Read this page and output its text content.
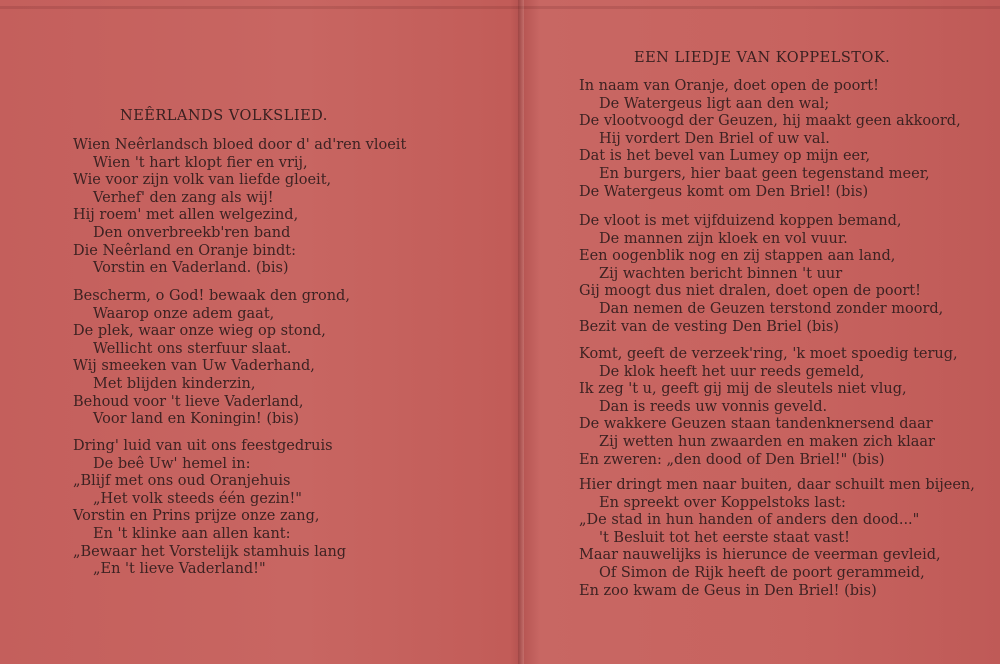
NEÊRLANDS VOLKSLIED.
Wien Neêrlandsch bloed door d' ad'ren vloeit
Wien 't hart klopt fier en vrij,
Wie voor zijn volk van liefde gloeit,
Verhef' den zang als wij!
Hij roem' met allen welgezind,
Den onverbreekb'ren band
Die Neêrland en Oranje bindt:
Vorstin en Vaderland. (bis)
Bescherm, o God! bewaak den grond,
Waarop onze adem gaat,
De plek, waar onze wieg op stond,
Wellicht ons sterfuur slaat.
Wij smeeken van Uw Vaderhand,
Met blijden kinderzin,
Behoud voor 't lieve Vaderland,
Voor land en Koningin! (bis)
Dring' luid van uit ons feestgedruis
De beê Uw' hemel in:
„Blijf met ons oud Oranjehuis
„Het volk steeds één gezin!"
Vorstin en Prins prijze onze zang,
En 't klinke aan allen kant:
„Bewaar het Vorstelijk stamhuis lang
„En 't lieve Vaderland!"
EEN LIEDJE VAN KOPPELSTOK.
In naam van Oranje, doet open de poort!
De Watergeus ligt aan den wal;
De vlootvoogd der Geuzen, hij maakt geen akkoord,
Hij vordert Den Briel of uw val.
Dat is het bevel van Lumey op mijn eer,
En burgers, hier baat geen tegenstand meer,
De Watergeus komt om Den Briel! (bis)
De vloot is met vijfduizend koppen bemand,
De mannen zijn kloek en vol vuur.
Een oogenblik nog en zij stappen aan land,
Zij wachten bericht binnen 't uur
Gij moogt dus niet dralen, doet open de poort!
Dan nemen de Geuzen terstond zonder moord,
Bezit van de vesting Den Briel (bis)
Komt, geeft de verzeek'ring, 'k moet spoedig terug,
De klok heeft het uur reeds gemeld,
Ik zeg 't u, geeft gij mij de sleutels niet vlug,
Dan is reeds uw vonnis geveld.
De wakkere Geuzen staan tandenknersend daar
Zij wetten hun zwaarden en maken zich klaar
En zweren: „den dood of Den Briel!" (bis)
Hier dringt men naar buiten, daar schuilt men bijeen,
En spreekt over Koppelstoks last:
„De stad in hun handen of anders den dood..."
't Besluit tot het eerste staat vast!
Maar nauwelijks is hierunce de veerman gevleid,
Of Simon de Rijk heeft de poort gerammeid,
En zoo kwam de Geus in Den Briel! (bis)
